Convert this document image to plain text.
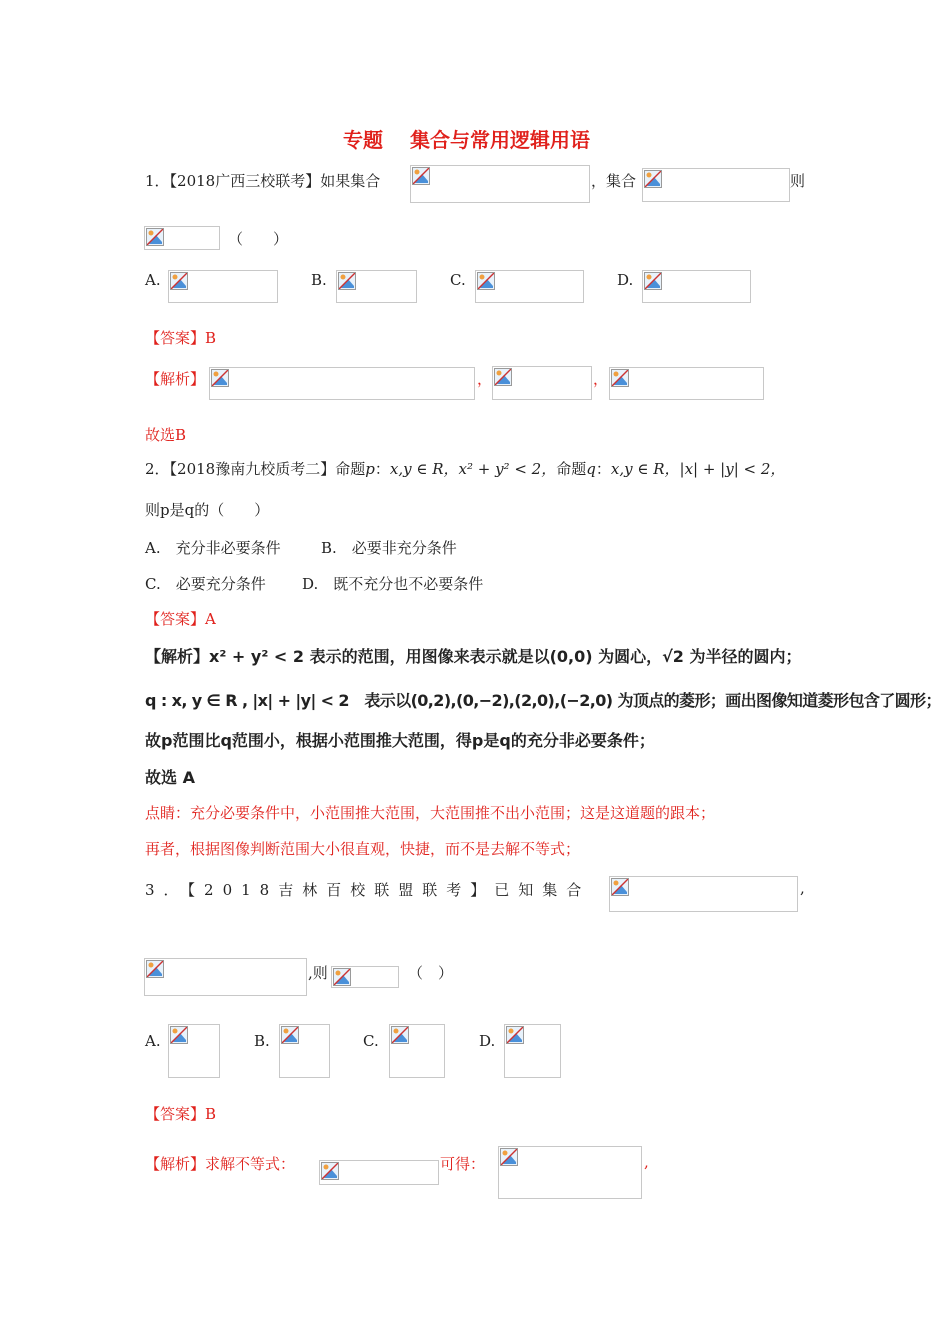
专题　 集合与常用逻辑用语
1．【2018广西三校联考】如果集合	，集合	则
（　　）
A.	B.	C.	D.
【答案】B
【解析】	，	，
故选B
2．【2018豫南九校质考二】命题p：x,y ∈ R，x² + y² < 2，命题q：x,y ∈ R，|x| + |y| < 2，
则p是q的（　　）
A.　充分非必要条件	B.　必要非充分条件
C.　必要充分条件 D.　既不充分也不必要条件
【答案】A
【解析】x² + y² < 2 表示的范围，用图像来表示就是以(0,0) 为圆心，√2 为半径的圆内；
q : x, y ∈ R , |x| + |y| < 2　表示以(0,2),(0,−2),(2,0),(−2,0) 为顶点的菱形；画出图像知道菱形包含了圆形；
故p范围比q范围小，根据小范围推大范围，得p是q的充分非必要条件；
故选 A
点睛：充分必要条件中，小范围推大范围，大范围推不出小范围；这是这道题的跟本；
再者，根据图像判断范围大小很直观，快捷，而不是去解不等式；
3．【2018吉林百校联盟联考】已知集合	,
,则	（　）
A.	B.	C.	D.
【答案】B
【解析】求解不等式：	可得：	,
